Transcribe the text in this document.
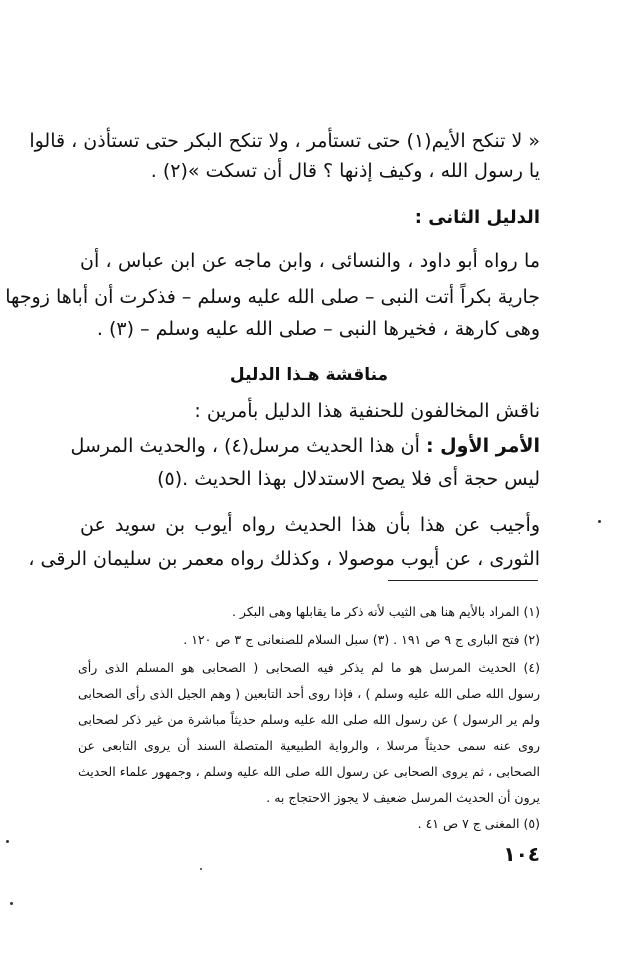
« لا تنكح الأيم(١) حتى تستأمر ، ولا تنكح البكر حتى تستأذن ، قالوا
يا رسول الله ، وكيف إذنها ؟ قال أن تسكت »(٢) .
الدليل الثانى :
ما رواه أبو داود ، والنسائى ، وابن ماجه عن ابن عباس ، أن
جارية بكراً أتت النبى – صلى الله عليه وسلم – فذكرت أن أباها زوجها
وهى كارهة ، فخيرها النبى – صلى الله عليه وسلم – (٣) .
مناقشة هـذا الدليل
ناقش المخالفون للحنفية هذا الدليل بأمرين :
الأمر الأول : أن هذا الحديث مرسل(٤) ، والحديث المرسل
ليس حجة أى فلا يصح الاستدلال بهذا الحديث .(٥)
وأجيب عن هذا بأن هذا الحديث رواه أيوب بن سويد عن
الثورى ، عن أيوب موصولا ، وكذلك رواه معمر بن سليمان الرقى ،
(١) المراد بالأيم هنا هى الثيب لأنه ذكر ما يقابلها وهى البكر .
(٢) فتح البارى ج ٩ ص ١٩١ . (٣) سبل السلام للصنعانى ج ٣ ص ١٢٠ .
(٤) الحديث المرسل هو ما لم يذكر فيه الصحابى ( الصحابى هو المسلم الذى رأى
رسول الله صلى الله عليه وسلم ) ، فإذا روى أحد التابعين ( وهم الجيل الذى رأى الصحابى
ولم ير الرسول ) عن رسول الله صلى الله عليه وسلم حديثاً مباشرة من غير ذكر لصحابى
روى عنه سمى حديثاً مرسلا ، والرواية الطبيعية المتصلة السند أن يروى التابعى عن
الصحابى ، ثم يروى الصحابى عن رسول الله صلى الله عليه وسلم ، وجمهور علماء الحديث
يرون أن الحديث المرسل ضعيف لا يجوز الاحتجاج به .
(٥) المغنى ج ٧ ص ٤١ .
١٠٤
